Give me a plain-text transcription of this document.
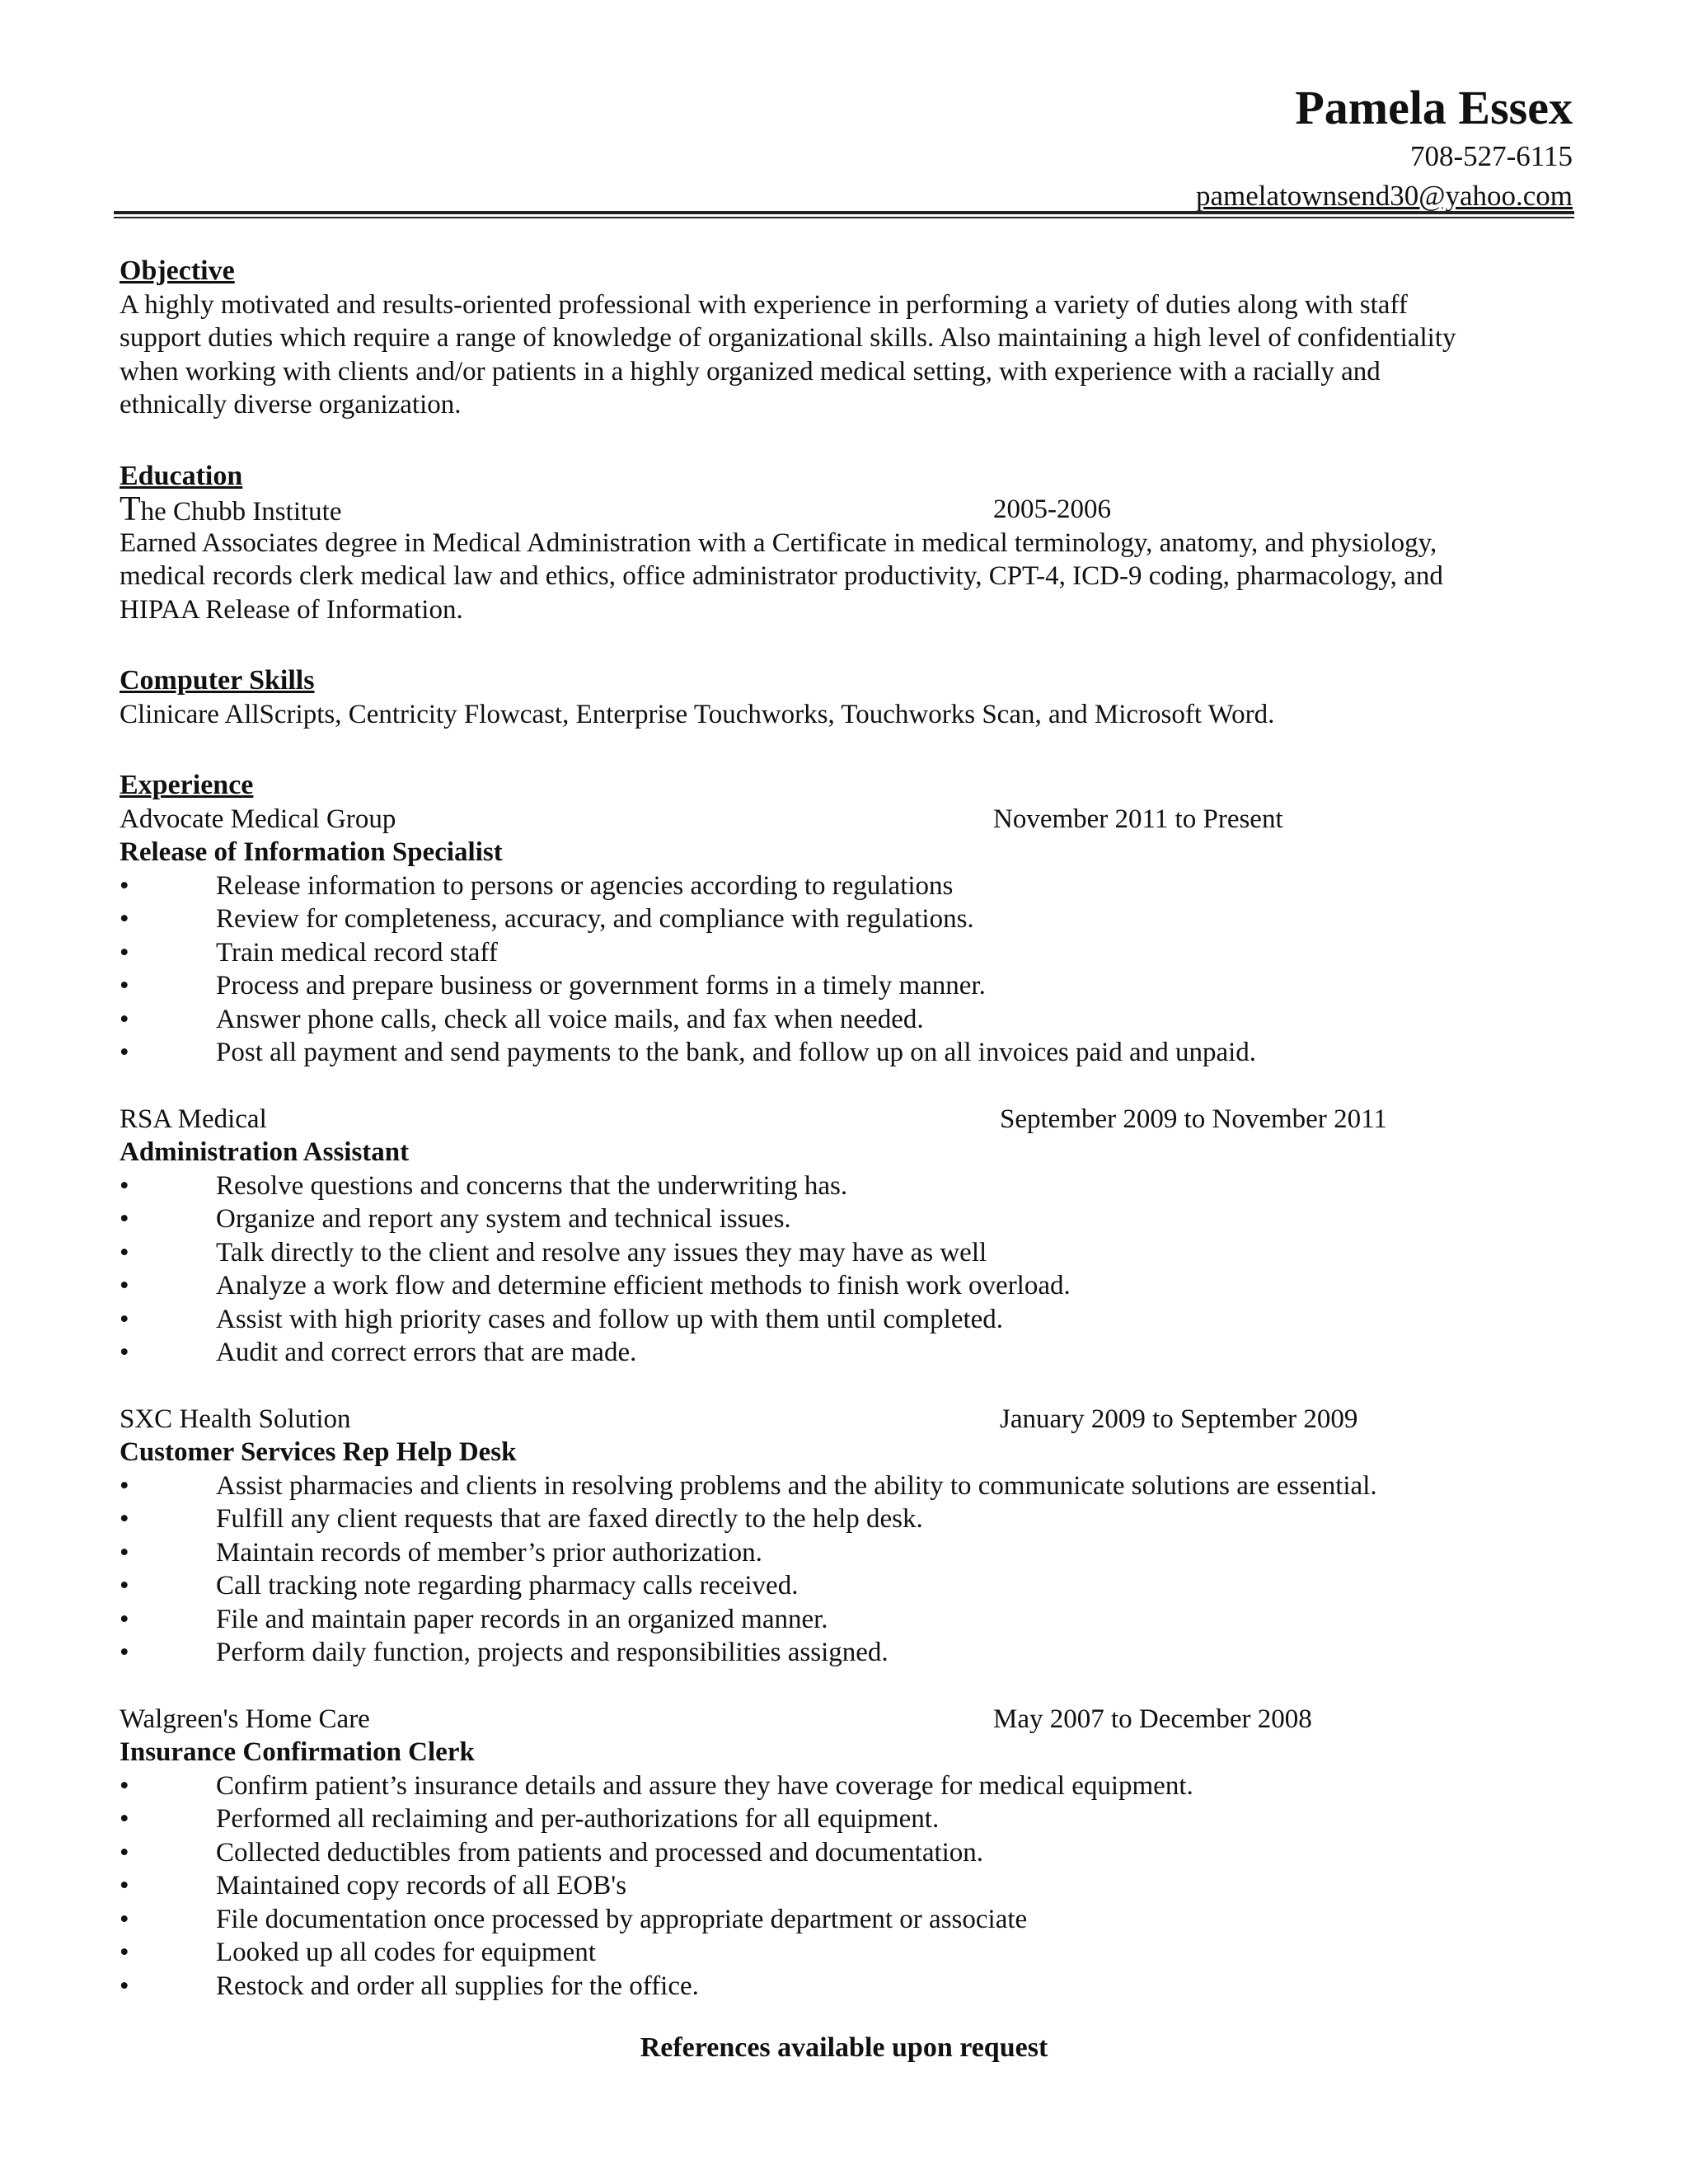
Pamela Essex
708-527-6115
pamelatownsend30@yahoo.com
Objective
A highly motivated and results-oriented professional with experience in performing a variety of duties along with staff
support duties which require a range of knowledge of organizational skills. Also maintaining a high level of confidentiality
when working with clients and/or patients in a highly organized medical setting, with experience with a racially and
ethnically diverse organization.
Education
The Chubb Institute	2005-2006
Earned Associates degree in Medical Administration with a Certificate in medical terminology, anatomy, and physiology,
medical records clerk medical law and ethics, office administrator productivity, CPT-4, ICD-9 coding, pharmacology, and
HIPAA Release of Information.
Computer Skills
Clinicare AllScripts, Centricity Flowcast, Enterprise Touchworks, Touchworks Scan, and Microsoft Word.
Experience
Advocate Medical Group	November 2011 to Present
Release of Information Specialist
•	Release information to persons or agencies according to regulations
•	Review for completeness, accuracy, and compliance with regulations.
•	Train medical record staff
•	Process and prepare business or government forms in a timely manner.
•	Answer phone calls, check all voice mails, and fax when needed.
•	Post all payment and send payments to the bank, and follow up on all invoices paid and unpaid.
RSA Medical	September 2009 to November 2011
Administration Assistant
•	Resolve questions and concerns that the underwriting has.
•	Organize and report any system and technical issues.
•	Talk directly to the client and resolve any issues they may have as well
•	Analyze a work flow and determine efficient methods to finish work overload.
•	Assist with high priority cases and follow up with them until completed.
•	Audit and correct errors that are made.
SXC Health Solution	January 2009 to September 2009
Customer Services Rep Help Desk
•	Assist pharmacies and clients in resolving problems and the ability to communicate solutions are essential.
•	Fulfill any client requests that are faxed directly to the help desk.
•	Maintain records of member’s prior authorization.
•	Call tracking note regarding pharmacy calls received.
•	File and maintain paper records in an organized manner.
•	Perform daily function, projects and responsibilities assigned.
Walgreen's Home Care	May 2007 to December 2008
Insurance Confirmation Clerk
•	Confirm patient’s insurance details and assure they have coverage for medical equipment.
•	Performed all reclaiming and per-authorizations for all equipment.
•	Collected deductibles from patients and processed and documentation.
•	Maintained copy records of all EOB's
•	File documentation once processed by appropriate department or associate
•	Looked up all codes for equipment
•	Restock and order all supplies for the office.
References available upon request
